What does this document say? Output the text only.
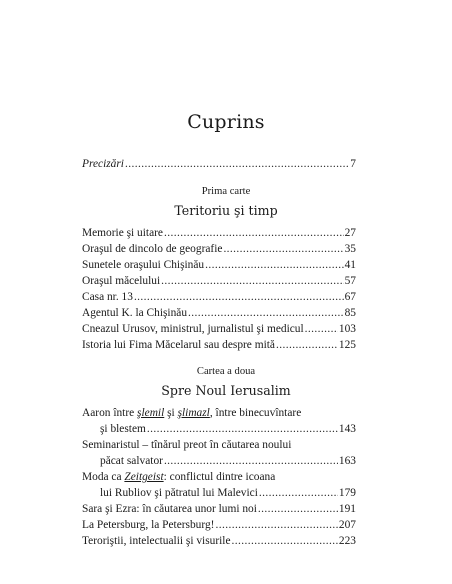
Cuprins
Precizări .....	7
Prima carte
Teritoriu şi timp
Memorie şi uitare .....	27
Oraşul de dincolo de geografie .....	35
Sunetele oraşului Chişinău .....	41
Oraşul măcelului .....	57
Casa nr. 13 .....	67
Agentul K. la Chişinău .....	85
Cneazul Urusov, ministrul, jurnalistul şi medicul .....	103
Istoria lui Fima Măcelarul sau despre mită .....	125
Cartea a doua
Spre Noul Ierusalim
Aaron între şlemil şi şlimazl, între binecuvîntare
şi blestem .....	143
Seminaristul – tînărul preot în căutarea noului
păcat salvator .....	163
Moda ca Zeitgeist: conflictul dintre icoana
lui Rubliov şi pătratul lui Malevici .....	179
Sara şi Ezra: în căutarea unor lumi noi .....	191
La Petersburg, la Petersburg! .....	207
Teroriştii, intelectualii şi visurile .....	223
